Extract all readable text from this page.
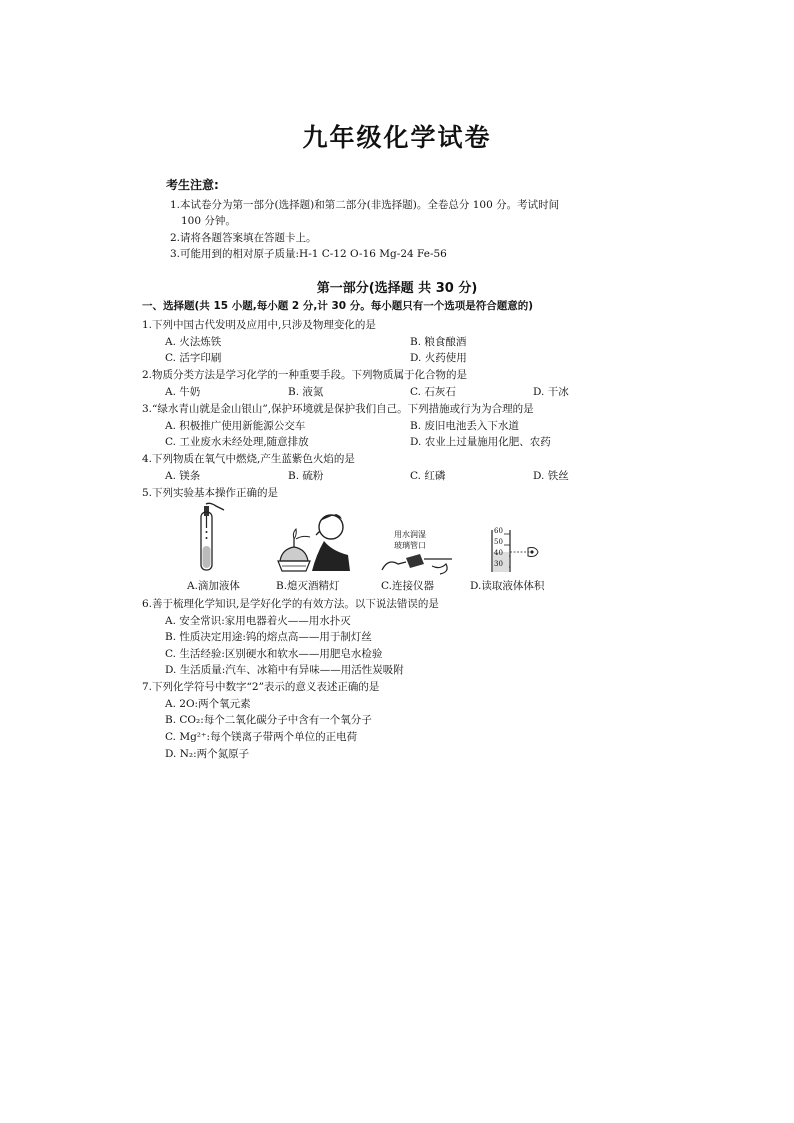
九年级化学试卷
考生注意:
1.本试卷分为第一部分(选择题)和第二部分(非选择题)。全卷总分 100 分。考试时间
100 分钟。
2.请将各题答案填在答题卡上。
3.可能用到的相对原子质量:H-1 C-12 O-16 Mg-24 Fe-56
第一部分(选择题 共 30 分)
一、选择题(共 15 小题,每小题 2 分,计 30 分。每小题只有一个选项是符合题意的)
1.下列中国古代发明及应用中,只涉及物理变化的是
A. 火法炼铁	B. 粮食酿酒
C. 活字印刷	D. 火药使用
2.物质分类方法是学习化学的一种重要手段。下列物质属于化合物的是
A. 牛奶	B. 液氮	C. 石灰石	D. 干冰
3.“绿水青山就是金山银山”,保护环境就是保护我们自己。下列措施或行为为合理的是
A. 积极推广使用新能源公交车	B. 废旧电池丢入下水道
C. 工业废水未经处理,随意排放	D. 农业上过量施用化肥、农药
4.下列物质在氧气中燃烧,产生蓝紫色火焰的是
A. 镁条	B. 硫粉	C. 红磷	D. 铁丝
5.下列实验基本操作正确的是
A.滴加液体	B.熄灭酒精灯
用水润湿
玻璃管口
C.连接仪器
60
50
40
30
D.读取液体体积
6.善于梳理化学知识,是学好化学的有效方法。以下说法错误的是
A. 安全常识:家用电器着火——用水扑灭
B. 性质决定用途:钨的熔点高——用于制灯丝
C. 生活经验:区别硬水和软水——用肥皂水检验
D. 生活质量:汽车、冰箱中有异味——用活性炭吸附
7.下列化学符号中数字“2”表示的意义表述正确的是
A. 2O:两个氧元素
B. CO₂:每个二氧化碳分子中含有一个氧分子
C. Mg²⁺:每个镁离子带两个单位的正电荷
D. N₂:两个氮原子
